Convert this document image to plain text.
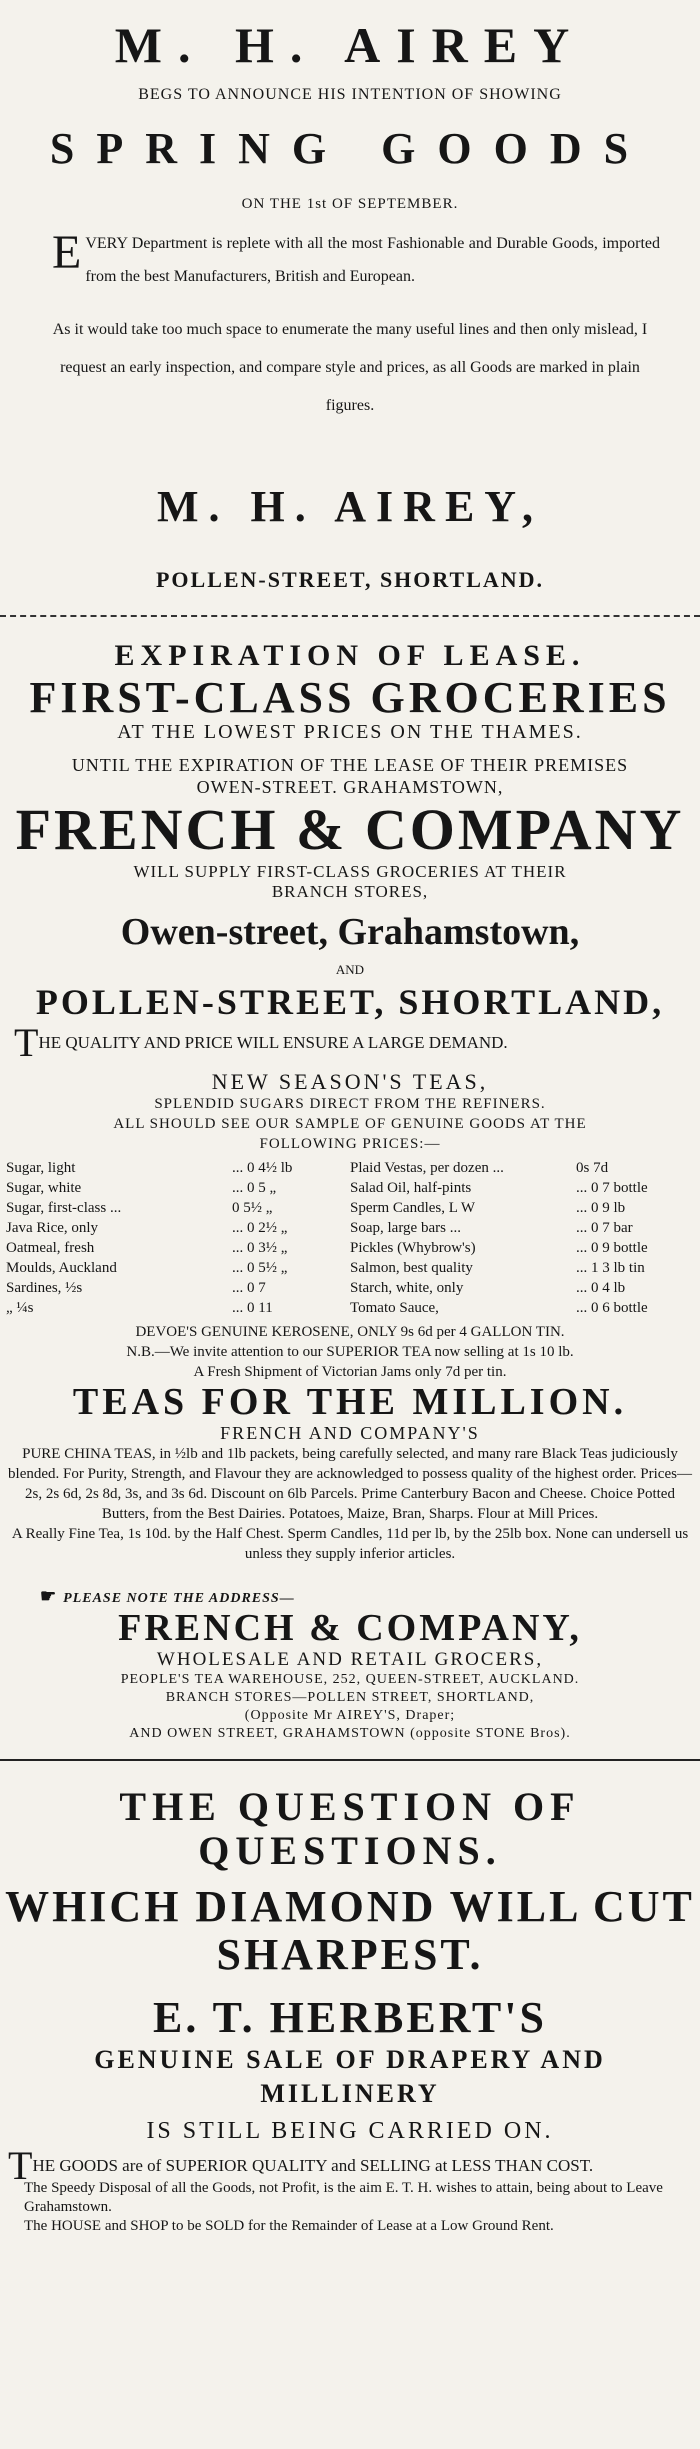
M. H. AIREY

BEGS TO ANNOUNCE HIS INTENTION OF SHOWING

SPRING GOODS

ON THE 1st OF SEPTEMBER.

EVERY Department is replete with all the most Fashionable and Durable Goods, imported from the best Manufacturers, British and European.

As it would take too much space to enumerate the many useful lines and then only mislead, I request an early inspection, and compare style and prices, as all Goods are marked in plain figures.

M. H. AIREY,

POLLEN-STREET, SHORTLAND.

EXPIRATION OF LEASE.
FIRST-CLASS GROCERIES

AT THE LOWEST PRICES ON THE THAMES.

UNTIL THE EXPIRATION OF THE LEASE OF THEIR PREMISES

OWEN-STREET. GRAHAMSTOWN,

FRENCH & COMPANY

WILL SUPPLY FIRST-CLASS GROCERIES AT THEIR

BRANCH STORES,

Owen-street, Grahamstown,

AND

POLLEN-STREET, SHORTLAND,

THE QUALITY AND PRICE WILL ENSURE A LARGE DEMAND.

NEW SEASON'S TEAS,

SPLENDID SUGARS DIRECT FROM THE REFINERS.

ALL SHOULD SEE OUR SAMPLE OF GENUINE GOODS AT THE

FOLLOWING PRICES:—

Sugar, light	... 0 4½ lb
Sugar, white	... 0 5 „
Sugar, first-class ...	0 5½ „
Java Rice, only	... 0 2½ „
Oatmeal, fresh	... 0 3½ „
Moulds, Auckland	... 0 5½ „
Sardines, ½s	... 0 7
„ ¼s	... 0 11
Plaid Vestas, per dozen ...	0s 7d
Salad Oil, half-pints	... 0 7 bottle
Sperm Candles, L W	... 0 9 lb
Soap, large bars ...	... 0 7 bar
Pickles (Whybrow's)	... 0 9 bottle
Salmon, best quality	... 1 3 lb tin
Starch, white, only	... 0 4 lb
Tomato Sauce,	... 0 6 bottle

DEVOE'S GENUINE KEROSENE, ONLY 9s 6d per 4 GALLON TIN.

N.B.—We invite attention to our SUPERIOR TEA now selling at 1s 10 lb.

A Fresh Shipment of Victorian Jams only 7d per tin.

TEAS FOR THE MILLION.

FRENCH AND COMPANY'S

PURE CHINA TEAS, in ½lb and 1lb packets, being carefully selected, and many rare Black Teas judiciously blended. For Purity, Strength, and Flavour they are acknowledged to possess quality of the highest order. Prices—2s, 2s 6d, 2s 8d, 3s, and 3s 6d. Discount on 6lb Parcels. Prime Canterbury Bacon and Cheese. Choice Potted Butters, from the Best Dairies. Potatoes, Maize, Bran, Sharps. Flour at Mill Prices.

A Really Fine Tea, 1s 10d. by the Half Chest. Sperm Candles, 11d per lb, by the 25lb box. None can undersell us unless they supply inferior articles.

☛ PLEASE NOTE THE ADDRESS—

FRENCH & COMPANY,

WHOLESALE AND RETAIL GROCERS,

PEOPLE'S TEA WAREHOUSE, 252, QUEEN-STREET, AUCKLAND.

BRANCH STORES—POLLEN STREET, SHORTLAND,

(Opposite Mr AIREY'S, Draper;

AND OWEN STREET, GRAHAMSTOWN (opposite STONE Bros).

THE QUESTION OF QUESTIONS.
WHICH DIAMOND WILL CUT SHARPEST.
E. T. HERBERT'S
GENUINE SALE OF DRAPERY AND MILLINERY

IS STILL BEING CARRIED ON.

THE GOODS are of SUPERIOR QUALITY and SELLING at LESS THAN COST.

The Speedy Disposal of all the Goods, not Profit, is the aim E. T. H. wishes to attain, being about to Leave Grahamstown.

The HOUSE and SHOP to be SOLD for the Remainder of Lease at a Low Ground Rent.
